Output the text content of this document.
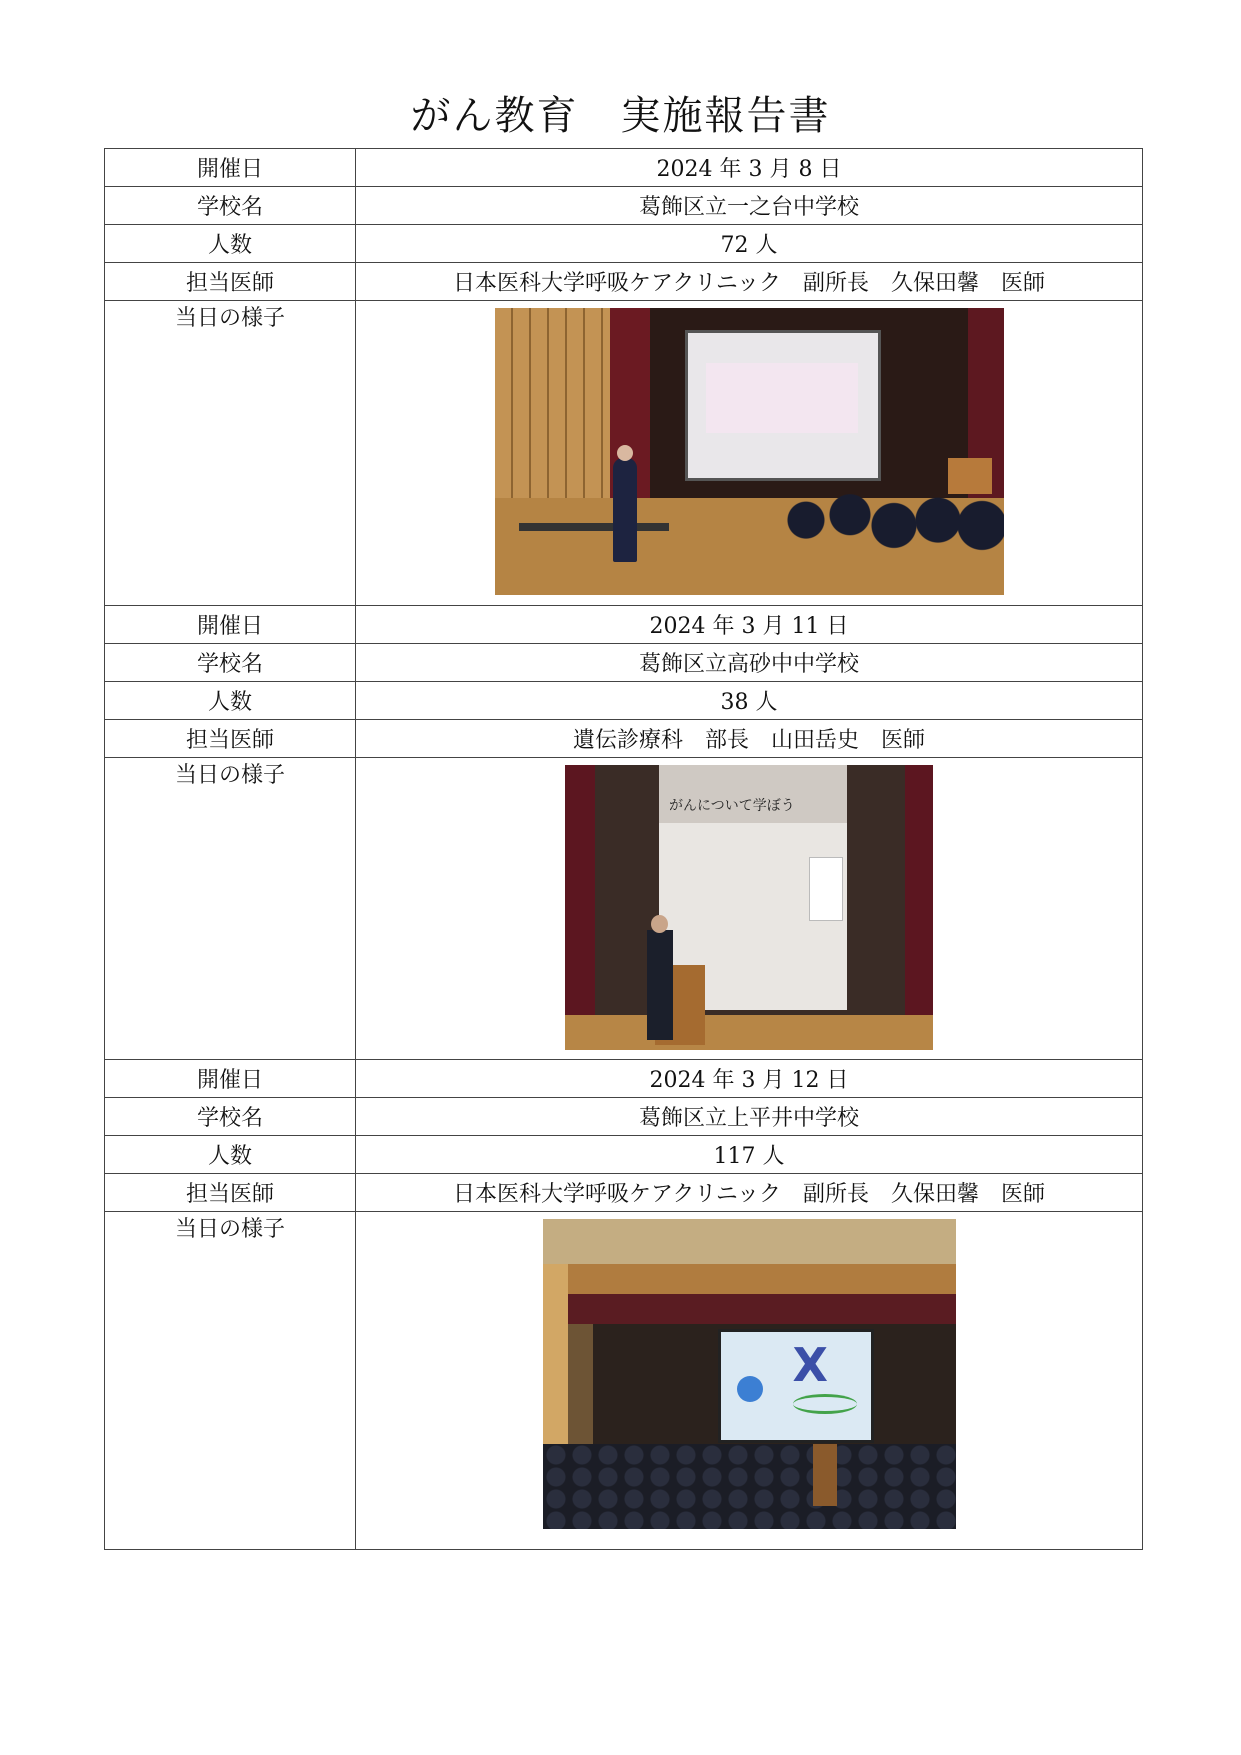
がん教育　実施報告書
開催日	2024 年 3 月 8 日
学校名	葛飾区立一之台中学校
人数	72 人
担当医師	日本医科大学呼吸ケアクリニック　副所長　久保田馨　医師
当日の様子	

開催日	2024 年 3 月 11 日
学校名	葛飾区立高砂中中学校
人数	38 人
担当医師	遺伝診療科　部長　山田岳史　医師
当日の様子	がんについて学ぼう

開催日	2024 年 3 月 12 日
学校名	葛飾区立上平井中学校
人数	117 人
担当医師	日本医科大学呼吸ケアクリニック　副所長　久保田馨　医師
当日の様子	X
